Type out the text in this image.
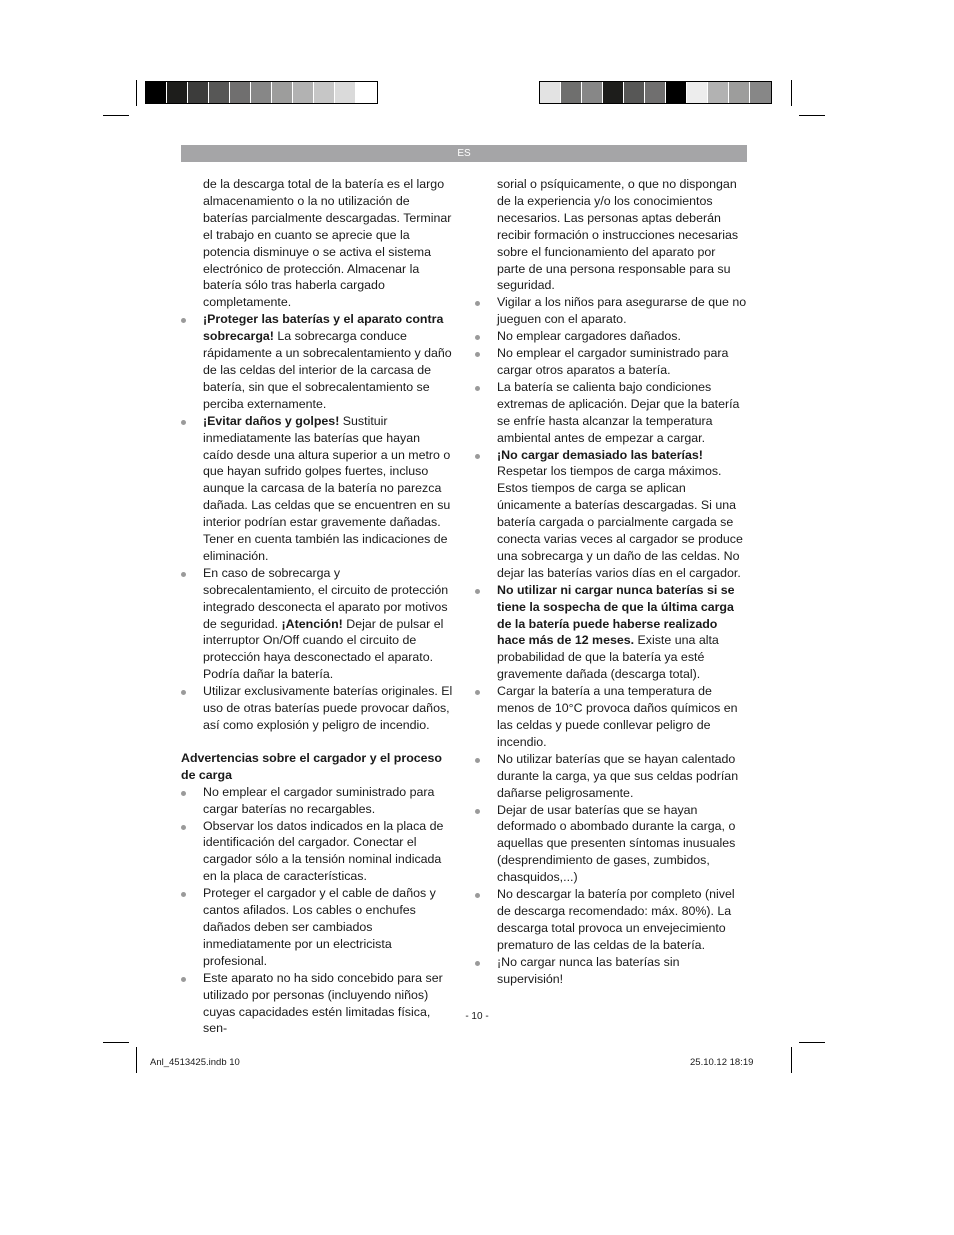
ES
de la descarga total de la batería es el largo almacenamiento o la no utilización de baterías parcialmente descargadas. Terminar el trabajo en cuanto se aprecie que la potencia disminuye o se activa el sistema electrónico de protección. Almacenar la batería sólo tras haberla cargado completamente.
¡Proteger las baterías y el aparato contra sobrecarga! La sobrecarga conduce rápidamente a un sobrecalentamiento y daño de las celdas del interior de la carcasa de batería, sin que el sobrecalentamiento se perciba externamente.
¡Evitar daños y golpes! Sustituir inmediatamente las baterías que hayan caído desde una altura superior a un metro o que hayan sufrido golpes fuertes, incluso aunque la carcasa de la batería no parezca dañada. Las celdas que se encuentren en su interior podrían estar gravemente dañadas. Tener en cuenta también las indicaciones de eliminación.
En caso de sobrecarga y sobrecalentamiento, el circuito de protección integrado desconecta el aparato por motivos de seguridad. ¡Atención! Dejar de pulsar el interruptor On/Off cuando el circuito de protección haya desconectado el aparato. Podría dañar la batería.
Utilizar exclusivamente baterías originales. El uso de otras baterías puede provocar daños, así como explosión y peligro de incendio.
Advertencias sobre el cargador y el proceso de carga
No emplear el cargador suministrado para cargar baterías no recargables.
Observar los datos indicados en la placa de identificación del cargador. Conectar el cargador sólo a la tensión nominal indicada en la placa de características.
Proteger el cargador y el cable de daños y cantos afilados. Los cables o enchufes dañados deben ser cambiados inmediatamente por un electricista profesional.
Este aparato no ha sido concebido para ser utilizado por personas (incluyendo niños) cuyas capacidades estén limitadas física, sen-
sorial o psíquicamente, o que no dispongan de la experiencia y/o los conocimientos necesarios. Las personas aptas deberán recibir formación o instrucciones necesarias sobre el funcionamiento del aparato por parte de una persona responsable para su seguridad.
Vigilar a los niños para asegurarse de que no jueguen con el aparato.
No emplear cargadores dañados.
No emplear el cargador suministrado para cargar otros aparatos a batería.
La batería se calienta bajo condiciones extremas de aplicación. Dejar que la batería se enfríe hasta alcanzar la temperatura ambiental antes de empezar a cargar.
¡No cargar demasiado las baterías! Respetar los tiempos de carga máximos. Estos tiempos de carga se aplican únicamente a baterías descargadas. Si una batería cargada o parcialmente cargada se conecta varias veces al cargador se produce una sobrecarga y un daño de las celdas. No dejar las baterías varios días en el cargador.
No utilizar ni cargar nunca baterías si se tiene la sospecha de que la última carga de la batería puede haberse realizado hace más de 12 meses. Existe una alta probabilidad de que la batería ya esté gravemente dañada (descarga total).
Cargar la batería a una temperatura de menos de 10°C provoca daños químicos en las celdas y puede conllevar peligro de incendio.
No utilizar baterías que se hayan calentado durante la carga, ya que sus celdas podrían dañarse peligrosamente.
Dejar de usar baterías que se hayan deformado o abombado durante la carga, o aquellas que presenten síntomas inusuales (desprendimiento de gases, zumbidos, chasquidos,...)
No descargar la batería por completo (nivel de descarga recomendado: máx. 80%). La descarga total provoca un envejecimiento prematuro de las celdas de la batería.
¡No cargar nunca las baterías sin supervisión!
- 10 -
Anl_4513425.indb 10	25.10.12 18:19
